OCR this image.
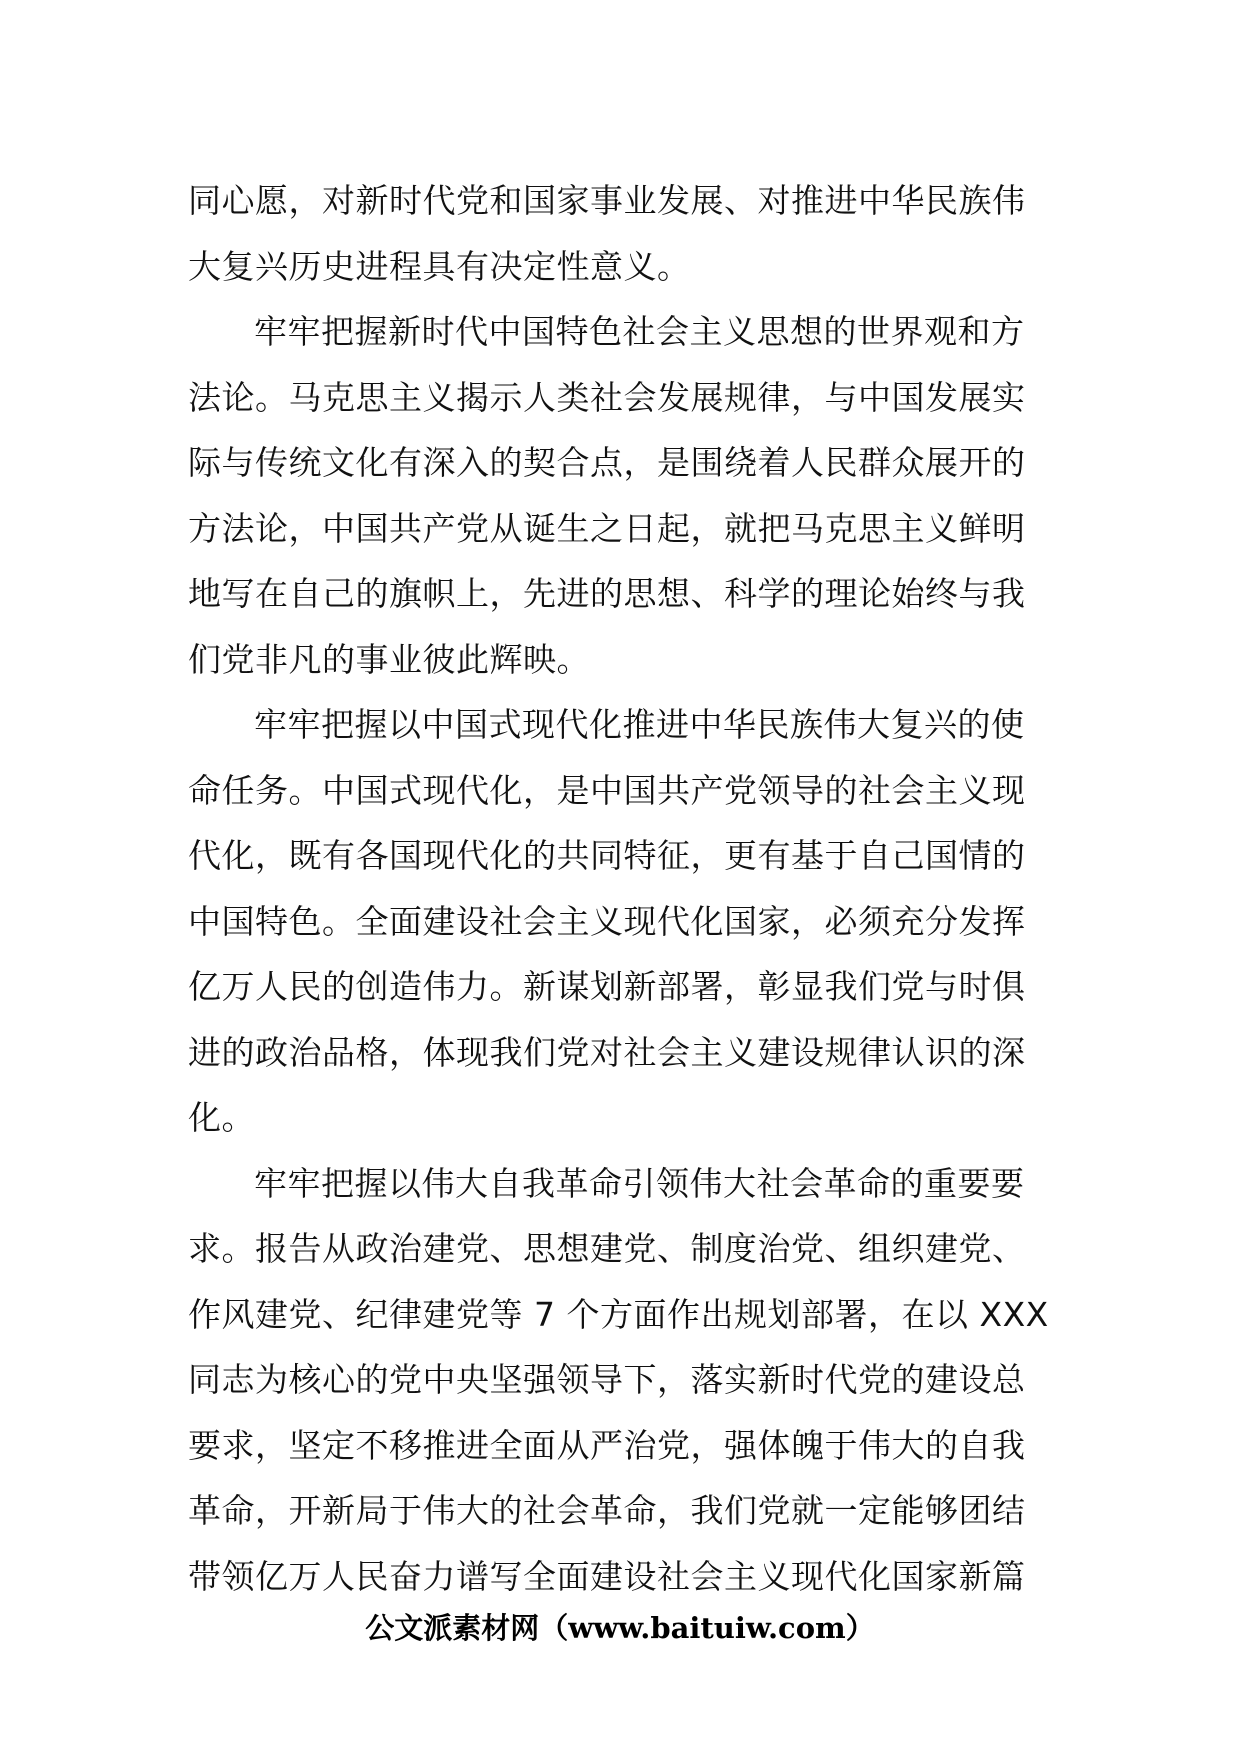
同心愿，对新时代党和国家事业发展、对推进中华民族伟
大复兴历史进程具有决定性意义。
牢牢把握新时代中国特色社会主义思想的世界观和方
法论。马克思主义揭示人类社会发展规律，与中国发展实
际与传统文化有深入的契合点，是围绕着人民群众展开的
方法论，中国共产党从诞生之日起，就把马克思主义鲜明
地写在自己的旗帜上，先进的思想、科学的理论始终与我
们党非凡的事业彼此辉映。
牢牢把握以中国式现代化推进中华民族伟大复兴的使
命任务。中国式现代化，是中国共产党领导的社会主义现
代化，既有各国现代化的共同特征，更有基于自己国情的
中国特色。全面建设社会主义现代化国家，必须充分发挥
亿万人民的创造伟力。新谋划新部署，彰显我们党与时俱
进的政治品格，体现我们党对社会主义建设规律认识的深
化。
牢牢把握以伟大自我革命引领伟大社会革命的重要要
求。报告从政治建党、思想建党、制度治党、组织建党、
作风建党、纪律建党等 7 个方面作出规划部署，在以 XXX
同志为核心的党中央坚强领导下，落实新时代党的建设总
要求，坚定不移推进全面从严治党，强体魄于伟大的自我
革命，开新局于伟大的社会革命，我们党就一定能够团结
带领亿万人民奋力谱写全面建设社会主义现代化国家新篇
公文派素材网（www.baituiw.com）
